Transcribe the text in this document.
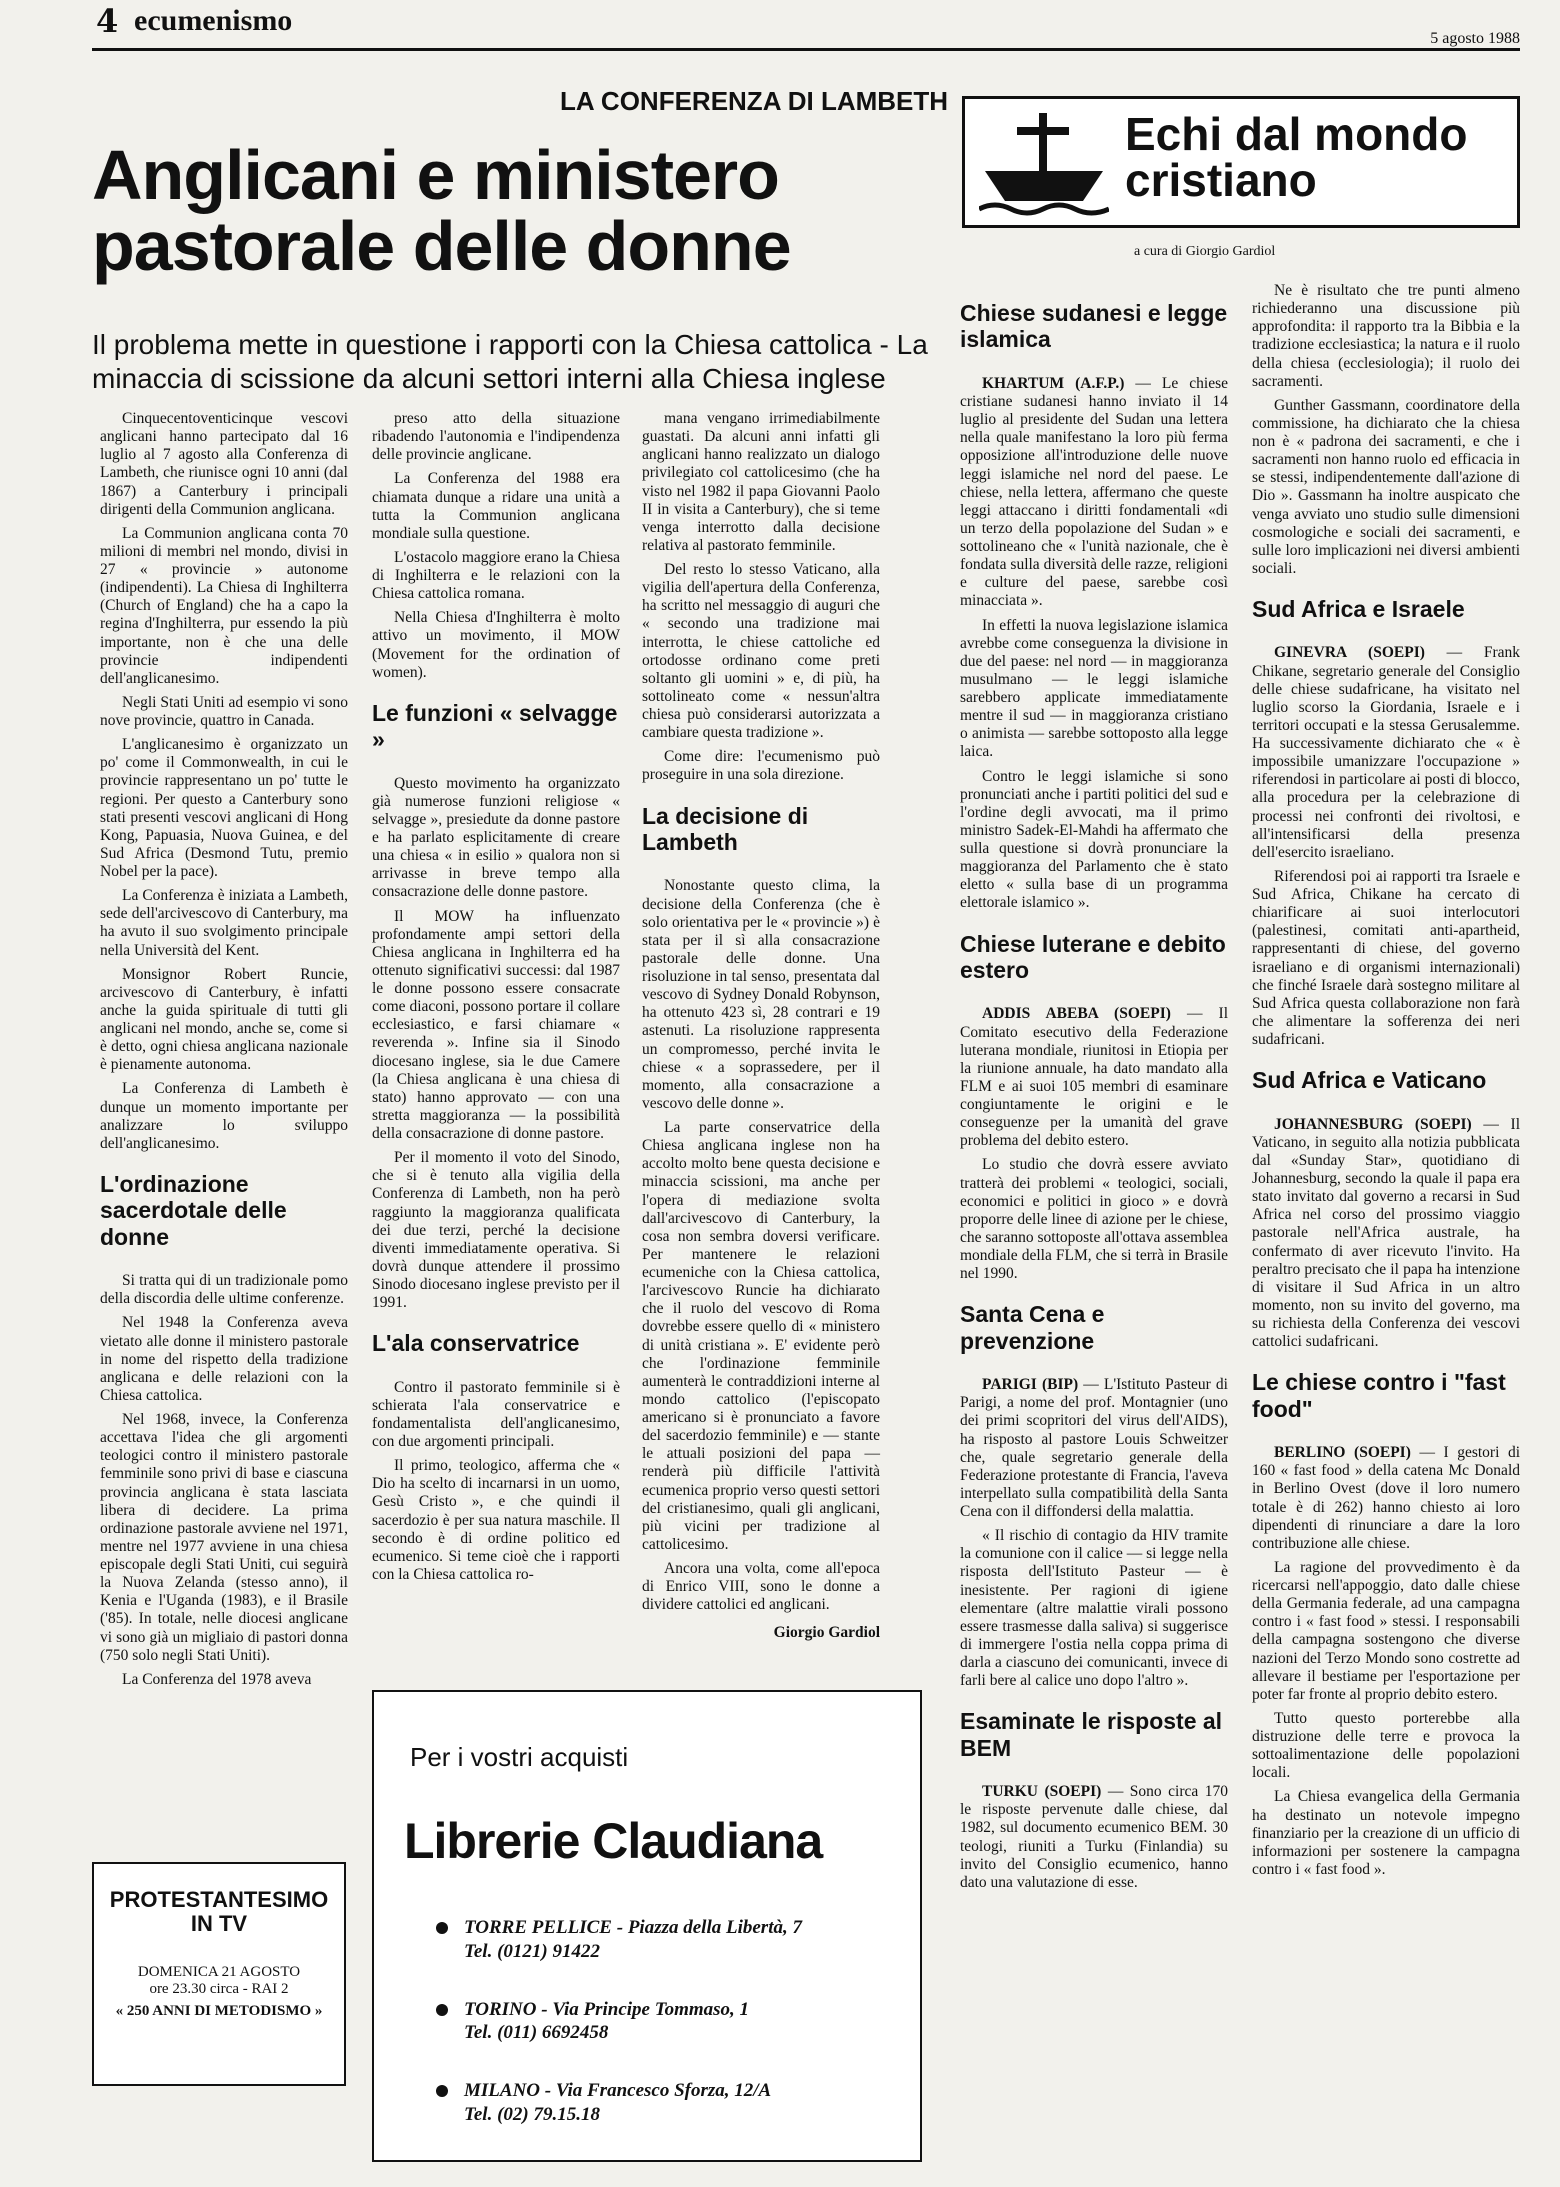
4 ecumenismo
5 agosto 1988
LA CONFERENZA DI LAMBETH
Anglicani e ministero pastorale delle donne
Il problema mette in questione i rapporti con la Chiesa cattolica - La minaccia di scissione da alcuni settori interni alla Chiesa inglese

Cinquecentoventicinque vescovi anglicani hanno partecipato dal 16 luglio al 7 agosto alla Conferenza di Lambeth, che riunisce ogni 10 anni (dal 1867) a Canterbury i principali dirigenti della Communion anglicana.

La Communion anglicana conta 70 milioni di membri nel mondo, divisi in 27 « provincie » autonome (indipendenti). La Chiesa di Inghilterra (Church of England) che ha a capo la regina d'Inghilterra, pur essendo la più importante, non è che una delle provincie indipendenti dell'anglicanesimo.

Negli Stati Uniti ad esempio vi sono nove provincie, quattro in Canada.

L'anglicanesimo è organizzato un po' come il Commonwealth, in cui le provincie rappresentano un po' tutte le regioni. Per questo a Canterbury sono stati presenti vescovi anglicani di Hong Kong, Papuasia, Nuova Guinea, e del Sud Africa (Desmond Tutu, premio Nobel per la pace).

La Conferenza è iniziata a Lambeth, sede dell'arcivescovo di Canterbury, ma ha avuto il suo svolgimento principale nella Università del Kent.

Monsignor Robert Runcie, arcivescovo di Canterbury, è infatti anche la guida spirituale di tutti gli anglicani nel mondo, anche se, come si è detto, ogni chiesa anglicana nazionale è pienamente autonoma.

La Conferenza di Lambeth è dunque un momento importante per analizzare lo sviluppo dell'anglicanesimo.

L'ordinazione sacerdotale delle donne

Si tratta qui di un tradizionale pomo della discordia delle ultime conferenze.

Nel 1948 la Conferenza aveva vietato alle donne il ministero pastorale in nome del rispetto della tradizione anglicana e delle relazioni con la Chiesa cattolica.

Nel 1968, invece, la Conferenza accettava l'idea che gli argomenti teologici contro il ministero pastorale femminile sono privi di base e ciascuna provincia anglicana è stata lasciata libera di decidere. La prima ordinazione pastorale avviene nel 1971, mentre nel 1977 avviene in una chiesa episcopale degli Stati Uniti, cui seguirà la Nuova Zelanda (stesso anno), il Kenia e l'Uganda (1983), e il Brasile ('85). In totale, nelle diocesi anglicane vi sono già un migliaio di pastori donna (750 solo negli Stati Uniti).

La Conferenza del 1978 aveva

preso atto della situazione ribadendo l'autonomia e l'indipendenza delle provincie anglicane.

La Conferenza del 1988 era chiamata dunque a ridare una unità a tutta la Communion anglicana mondiale sulla questione.

L'ostacolo maggiore erano la Chiesa di Inghilterra e le relazioni con la Chiesa cattolica romana.

Nella Chiesa d'Inghilterra è molto attivo un movimento, il MOW (Movement for the ordination of women).

Le funzioni « selvagge »

Questo movimento ha organizzato già numerose funzioni religiose « selvagge », presiedute da donne pastore e ha parlato esplicitamente di creare una chiesa « in esilio » qualora non si arrivasse in breve tempo alla consacrazione delle donne pastore.

Il MOW ha influenzato profondamente ampi settori della Chiesa anglicana in Inghilterra ed ha ottenuto significativi successi: dal 1987 le donne possono essere consacrate come diaconi, possono portare il collare ecclesiastico, e farsi chiamare « reverenda ». Infine sia il Sinodo diocesano inglese, sia le due Camere (la Chiesa anglicana è una chiesa di stato) hanno approvato — con una stretta maggioranza — la possibilità della consacrazione di donne pastore.

Per il momento il voto del Sinodo, che si è tenuto alla vigilia della Conferenza di Lambeth, non ha però raggiunto la maggioranza qualificata dei due terzi, perché la decisione diventi immediatamente operativa. Si dovrà dunque attendere il prossimo Sinodo diocesano inglese previsto per il 1991.

L'ala conservatrice

Contro il pastorato femminile si è schierata l'ala conservatrice e fondamentalista dell'anglicanesimo, con due argomenti principali.

Il primo, teologico, afferma che « Dio ha scelto di incarnarsi in un uomo, Gesù Cristo », e che quindi il sacerdozio è per sua natura maschile. Il secondo è di ordine politico ed ecumenico. Si teme cioè che i rapporti con la Chiesa cattolica ro-

mana vengano irrimediabilmente guastati. Da alcuni anni infatti gli anglicani hanno realizzato un dialogo privilegiato col cattolicesimo (che ha visto nel 1982 il papa Giovanni Paolo II in visita a Canterbury), che si teme venga interrotto dalla decisione relativa al pastorato femminile.

Del resto lo stesso Vaticano, alla vigilia dell'apertura della Conferenza, ha scritto nel messaggio di auguri che « secondo una tradizione mai interrotta, le chiese cattoliche ed ortodosse ordinano come preti soltanto gli uomini » e, di più, ha sottolineato come « nessun'altra chiesa può considerarsi autorizzata a cambiare questa tradizione ».

Come dire: l'ecumenismo può proseguire in una sola direzione.

La decisione di Lambeth

Nonostante questo clima, la decisione della Conferenza (che è solo orientativa per le « provincie ») è stata per il sì alla consacrazione pastorale delle donne. Una risoluzione in tal senso, presentata dal vescovo di Sydney Donald Robynson, ha ottenuto 423 sì, 28 contrari e 19 astenuti. La risoluzione rappresenta un compromesso, perché invita le chiese « a soprassedere, per il momento, alla consacrazione a vescovo delle donne ».

La parte conservatrice della Chiesa anglicana inglese non ha accolto molto bene questa decisione e minaccia scissioni, ma anche per l'opera di mediazione svolta dall'arcivescovo di Canterbury, la cosa non sembra doversi verificare. Per mantenere le relazioni ecumeniche con la Chiesa cattolica, l'arcivescovo Runcie ha dichiarato che il ruolo del vescovo di Roma dovrebbe essere quello di « ministero di unità cristiana ». E' evidente però che l'ordinazione femminile aumenterà le contraddizioni interne al mondo cattolico (l'episcopato americano si è pronunciato a favore del sacerdozio femminile) e — stante le attuali posizioni del papa — renderà più difficile l'attività ecumenica proprio verso questi settori del cristianesimo, quali gli anglicani, più vicini per tradizione al cattolicesimo.

Ancora una volta, come all'epoca di Enrico VIII, sono le donne a dividere cattolici ed anglicani.

Giorgio Gardiol

Echi dal mondo cristiano
a cura di Giorgio Gardiol
Chiese sudanesi e legge islamica

KHARTUM (A.F.P.) — Le chiese cristiane sudanesi hanno inviato il 14 luglio al presidente del Sudan una lettera nella quale manifestano la loro più ferma opposizione all'introduzione delle nuove leggi islamiche nel nord del paese. Le chiese, nella lettera, affermano che queste leggi attaccano i diritti fondamentali «di un terzo della popolazione del Sudan » e sottolineano che « l'unità nazionale, che è fondata sulla diversità delle razze, religioni e culture del paese, sarebbe così minacciata ».

In effetti la nuova legislazione islamica avrebbe come conseguenza la divisione in due del paese: nel nord — in maggioranza musulmano — le leggi islamiche sarebbero applicate immediatamente mentre il sud — in maggioranza cristiano o animista — sarebbe sottoposto alla legge laica.

Contro le leggi islamiche si sono pronunciati anche i partiti politici del sud e l'ordine degli avvocati, ma il primo ministro Sadek-El-Mahdi ha affermato che sulla questione si dovrà pronunciare la maggioranza del Parlamento che è stato eletto « sulla base di un programma elettorale islamico ».

Chiese luterane e debito estero

ADDIS ABEBA (SOEPI) — Il Comitato esecutivo della Federazione luterana mondiale, riunitosi in Etiopia per la riunione annuale, ha dato mandato alla FLM e ai suoi 105 membri di esaminare congiuntamente le origini e le conseguenze per la umanità del grave problema del debito estero.

Lo studio che dovrà essere avviato tratterà dei problemi « teologici, sociali, economici e politici in gioco » e dovrà proporre delle linee di azione per le chiese, che saranno sottoposte all'ottava assemblea mondiale della FLM, che si terrà in Brasile nel 1990.

Santa Cena e prevenzione

PARIGI (BIP) — L'Istituto Pasteur di Parigi, a nome del prof. Montagnier (uno dei primi scopritori del virus dell'AIDS), ha risposto al pastore Louis Schweitzer che, quale segretario generale della Federazione protestante di Francia, l'aveva interpellato sulla compatibilità della Santa Cena con il diffondersi della malattia.

« Il rischio di contagio da HIV tramite la comunione con il calice — si legge nella risposta dell'Istituto Pasteur — è inesistente. Per ragioni di igiene elementare (altre malattie virali possono essere trasmesse dalla saliva) si suggerisce di immergere l'ostia nella coppa prima di darla a ciascuno dei comunicanti, invece di farli bere al calice uno dopo l'altro ».

Esaminate le risposte al BEM

TURKU (SOEPI) — Sono circa 170 le risposte pervenute dalle chiese, dal 1982, sul documento ecumenico BEM. 30 teologi, riuniti a Turku (Finlandia) su invito del Consiglio ecumenico, hanno dato una valutazione di esse.

Ne è risultato che tre punti almeno richiederanno una discussione più approfondita: il rapporto tra la Bibbia e la tradizione ecclesiastica; la natura e il ruolo della chiesa (ecclesiologia); il ruolo dei sacramenti.

Gunther Gassmann, coordinatore della commissione, ha dichiarato che la chiesa non è « padrona dei sacramenti, e che i sacramenti non hanno ruolo ed efficacia in se stessi, indipendentemente dall'azione di Dio ». Gassmann ha inoltre auspicato che venga avviato uno studio sulle dimensioni cosmologiche e sociali dei sacramenti, e sulle loro implicazioni nei diversi ambienti sociali.

Sud Africa e Israele

GINEVRA (SOEPI) — Frank Chikane, segretario generale del Consiglio delle chiese sudafricane, ha visitato nel luglio scorso la Giordania, Israele e i territori occupati e la stessa Gerusalemme. Ha successivamente dichiarato che « è impossibile umanizzare l'occupazione » riferendosi in particolare ai posti di blocco, alla procedura per la celebrazione di processi nei confronti dei rivoltosi, e all'intensificarsi della presenza dell'esercito israeliano.

Riferendosi poi ai rapporti tra Israele e Sud Africa, Chikane ha cercato di chiarificare ai suoi interlocutori (palestinesi, comitati anti-apartheid, rappresentanti di chiese, del governo israeliano e di organismi internazionali) che finché Israele darà sostegno militare al Sud Africa questa collaborazione non farà che alimentare la sofferenza dei neri sudafricani.

Sud Africa e Vaticano

JOHANNESBURG (SOEPI) — Il Vaticano, in seguito alla notizia pubblicata dal «Sunday Star», quotidiano di Johannesburg, secondo la quale il papa era stato invitato dal governo a recarsi in Sud Africa nel corso del prossimo viaggio pastorale nell'Africa australe, ha confermato di aver ricevuto l'invito. Ha peraltro precisato che il papa ha intenzione di visitare il Sud Africa in un altro momento, non su invito del governo, ma su richiesta della Conferenza dei vescovi cattolici sudafricani.

Le chiese contro i "fast food"

BERLINO (SOEPI) — I gestori di 160 « fast food » della catena Mc Donald in Berlino Ovest (dove il loro numero totale è di 262) hanno chiesto ai loro dipendenti di rinunciare a dare la loro contribuzione alle chiese.

La ragione del provvedimento è da ricercarsi nell'appoggio, dato dalle chiese della Germania federale, ad una campagna contro i « fast food » stessi. I responsabili della campagna sostengono che diverse nazioni del Terzo Mondo sono costrette ad allevare il bestiame per l'esportazione per poter far fronte al proprio debito estero.

Tutto questo porterebbe alla distruzione delle terre e provoca la sottoalimentazione delle popolazioni locali.

La Chiesa evangelica della Germania ha destinato un notevole impegno finanziario per la creazione di un ufficio di informazioni per sostenere la campagna contro i « fast food ».

Per i vostri acquisti
Librerie Claudiana
TORRE PELLICE - Piazza della Libertà, 7
Tel. (0121) 91422
TORINO - Via Principe Tommaso, 1
Tel. (011) 6692458
MILANO - Via Francesco Sforza, 12/A
Tel. (02) 79.15.18
PROTESTANTESIMO IN TV
DOMENICA 21 AGOSTO
ore 23.30 circa - RAI 2
« 250 ANNI DI METODISMO »
